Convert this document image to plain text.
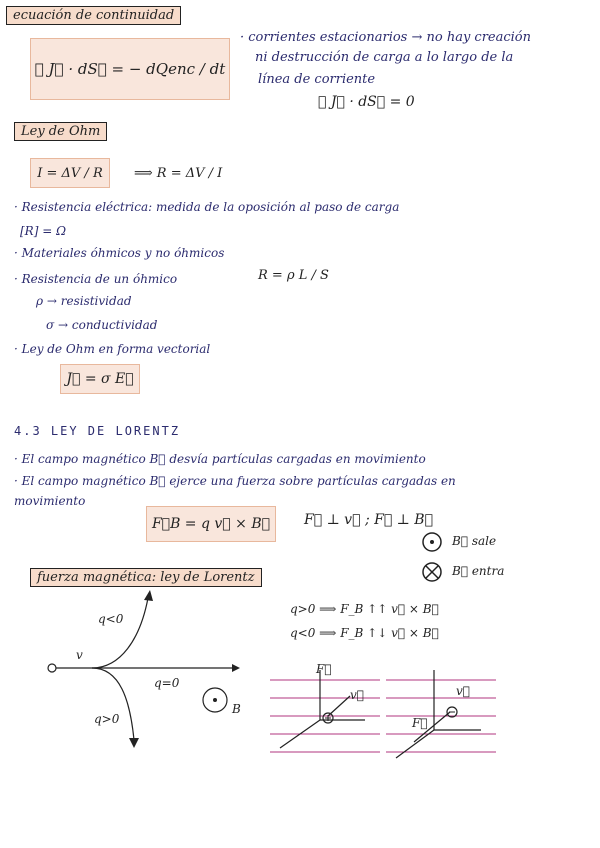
ecuación de continuidad
∯ J⃗ · dS⃗ = − dQenc / dt
· corrientes estacionarios → no hay creación
ni destrucción de carga a lo largo de la
línea de corriente
∯ J⃗ · dS⃗ = 0
Ley de Ohm
I = ΔV / R ⟹ R = ΔV / I
· Resistencia eléctrica: medida de la oposición al paso de carga
[R] = Ω
· Materiales óhmicos y no óhmicos
· Resistencia de un óhmico	R = ρ L / S
ρ → resistividad
σ → conductividad
· Ley de Ohm en forma vectorial
J⃗ = σ E⃗
4.3 LEY DE LORENTZ
· El campo magnético B⃗ desvía partículas cargadas en movimiento
· El campo magnético B⃗ ejerce una fuerza sobre partículas cargadas en
movimiento
F⃗B = q v⃗ × B⃗ F⃗ ⊥ v⃗ ; F⃗ ⊥ B⃗
B⃗ sale
B⃗ entra
fuerza magnética: ley de Lorentz
q>0 ⟹ F_B ↑↑ v⃗ × B⃗
q<0 ⟹ F_B ↑↓ v⃗ × B⃗
q<0
v
q=0
q>0
B
F⃗
v⃗	v⃗
F⃗
